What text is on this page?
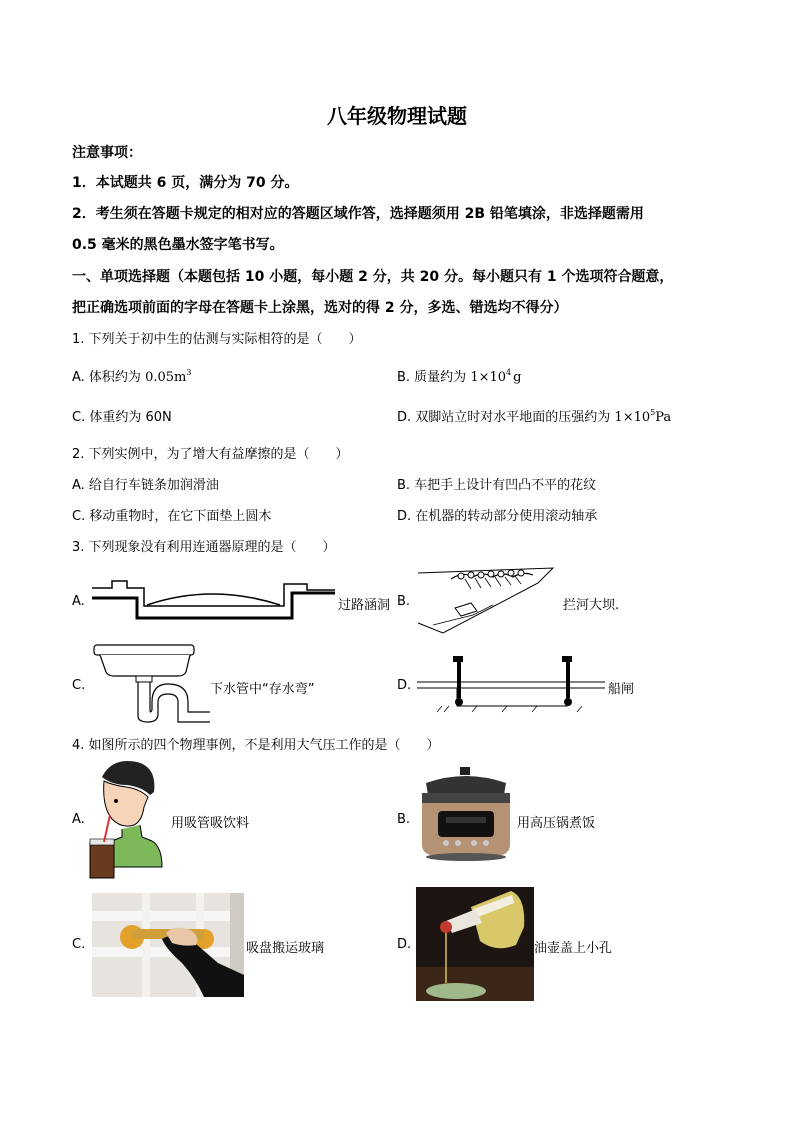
八年级物理试题
注意事项：
1．本试题共 6 页，满分为 70 分。
2．考生须在答题卡规定的相对应的答题区域作答，选择题须用 2B 铅笔填涂，非选择题需用
0.5 毫米的黑色墨水签字笔书写。
一、单项选择题（本题包括 10 小题，每小题 2 分，共 20 分。每小题只有 1 个选项符合题意，
把正确选项前面的字母在答题卡上涂黑，选对的得 2 分，多选、错选均不得分）
1. 下列关于初中生的估测与实际相符的是（　　）
A. 体积约为 $0.05m^3$	B. 质量约为 $1\times 10^4$ g
C. 体重约为 60N	D. 双脚站立时对水平地面的压强约为 $1\times 10^5Pa$
2. 下列实例中，为了增大有益摩擦的是（　　）
A. 给自行车链条加润滑油	B. 车把手上设计有凹凸不平的花纹
C. 移动重物时，在它下面垫上圆木	D. 在机器的转动部分使用滚动轴承
3. 下列现象没有利用连通器原理的是（　　）
A.	过路涵洞 B.	拦河大坝.
C.	下水管中“存水弯”	D.	船闸
4. 如图所示的四个物理事例，不是利用大气压工作的是（　　）
A.	用吸管吸饮料	B.	用高压锅煮饭
C.	吸盘搬运玻璃	D.	油壶盖上小孔
